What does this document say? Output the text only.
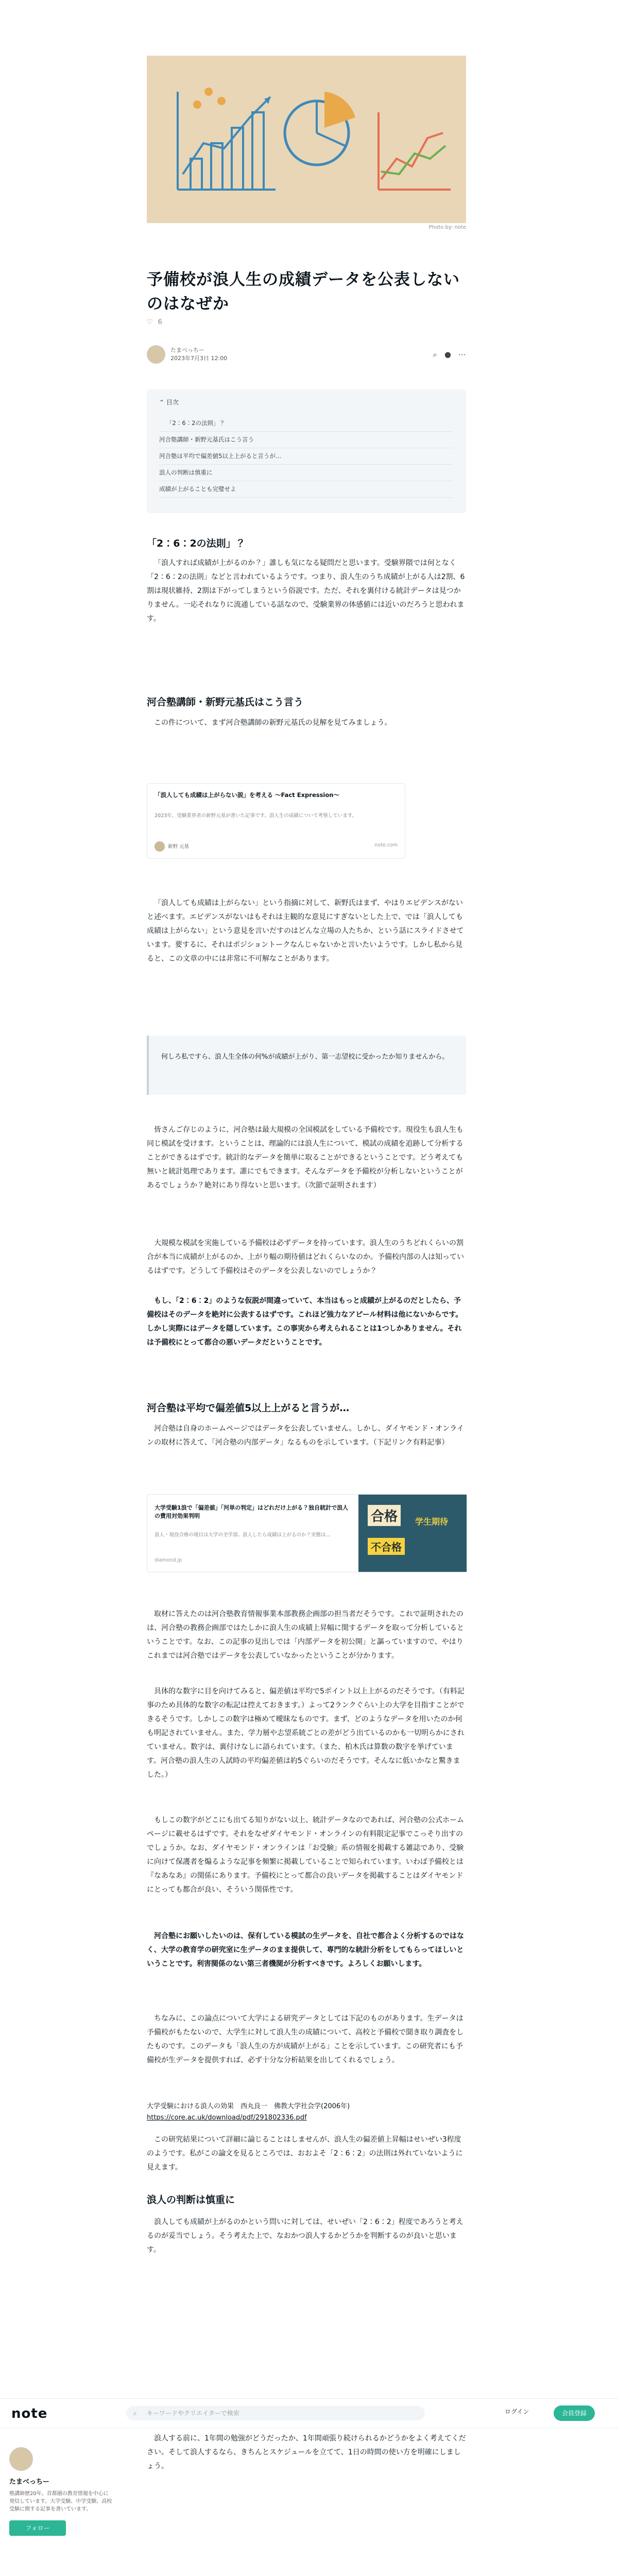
Photo by: note
予備校が浪人生の成績データを公表しないのはなぜか
♡ 6
たまべっちー
2023年7月3日 12:00	⌕ ● ⋯
⌃ 目次
「2：6：2の法則」？
河合塾講師・新野元基氏はこう言う
河合塾は平均で偏差値5以上上がると言うが…
浪人の判断は慎重に
成績が上がることも完璧せよ
「2：6：2の法則」？
「浪人すれば成績が上がるのか？」誰しも気になる疑問だと思います。受験界隈では何となく「2：6：2の法則」などと言われているようです。つまり、浪人生のうち成績が上がる人は2割、6割は現状維持、2割は下がってしまうという俗説です。ただ、それを裏付ける統計データは見つかりません。一応それなりに流通している話なので、受験業界の体感値には近いのだろうと思われます。
河合塾講師・新野元基氏はこう言う
この件について、まず河合塾講師の新野元基氏の見解を見てみましょう。
「浪人しても成績は上がらない説」を考える 〜Fact Expression〜
2023年、受験業界者の新野元基が書いた記事です。浪人生の成績について考察しています。
新野 元基	note.com
「浪人しても成績は上がらない」という指摘に対して、新野氏はまず、やはりエビデンスがないと述べます。エビデンスがないはもそれは主観的な意見にすぎないとした上で、では「浪人しても成績は上がらない」という意見を言いだすのはどんな立場の人たちか、という話にスライドさせています。要するに、それはポジショントークなんじゃないかと言いたいようです。しかし私から見ると、この文章の中には非常に不可解なことがあります。
何しろ私ですら、浪人生全体の何%が成績が上がり、第一志望校に受かったか知りませんから。
皆さんご存じのように、河合塾は最大規模の全国模試をしている予備校です。現役生も浪人生も同じ模試を受けます。ということは、理論的には浪人生について、模試の成績を追跡して分析することができるはずです。統計的なデータを簡単に取ることができるということです。どう考えても無いと統計処理であります。誰にでもできます。そんなデータを予備校が分析しないということがあるでしょうか？絶対にあり得ないと思います。（次節で証明されます）
大規模な模試を実施している予備校は必ずデータを持っています。浪人生のうちどれくらいの割合が本当に成績が上がるのか、上がり幅の期待値はどれくらいなのか。予備校内部の人は知っているはずです。どうして予備校はそのデータを公表しないのでしょうか？
もし、「2：6：2」のような仮説が間違っていて、本当はもっと成績が上がるのだとしたら、予備校はそのデータを絶対に公表するはずです。これほど強力なアピール材料は他にないからです。しかし実際にはデータを隠しています。この事実から考えられることは1つしかありません。それは予備校にとって都合の悪いデータだということです。
河合塾は平均で偏差値5以上上がると言うが…
河合塾は自身のホームページではデータを公表していません。しかし、ダイヤモンド・オンラインの取材に答えて、「河合塾の内部データ」なるものを示しています。（下記リンク有料記事）
大学受験1浪で「偏差値」「河単の判定」はどれだけ上がる？独自統計で浪人の費用対効果判明
浪人・現役合格の境目は大学の全学部。浪人したら成績は上がるのか？実態は…
diamond.jp
合格	学生期待
不合格
取材に答えたのは河合塾教育情報事業本部教務企画部の担当者だそうです。これで証明されたのは、河合塾の教務企画部ではたしかに浪人生の成績上昇幅に関するデータを取って分析しているということです。なお、この記事の見出しでは「内部データを初公開」と謳っていますので、やはりこれまでは河合塾ではデータを公表していなかったということが分かります。
具体的な数字に目を向けてみると、偏差値は平均で5ポイント以上上がるのだそうです。（有料記事のため具体的な数字の転記は控えておきます。）よって2ランクぐらい上の大学を目指すことができるそうです。しかしこの数字は極めて曖昧なものです。まず、どのようなデータを用いたのか何も明記されていません。また、学力層や志望系統ごとの差がどう出ているのかも一切明らかにされていません。数字は、裏付けなしに語られています。（また、柏木氏は算数の数字を挙げています。河合塾の浪人生の入試時の平均偏差値は約5ぐらいのだそうです。そんなに低いかなと驚きました。）
もしこの数字がどこにも出てる知りがない以上、統計データなのであれば、河合塾の公式ホームページに載せるはずです。それをなぜダイヤモンド・オンラインの有料限定記事でこっそり出すのでしょうか。なお、ダイヤモンド・オンラインは「お受験」系の情報を掲載する雑誌であり、受験に向けて保護者を煽るような記事を頻繁に掲載していることで知られています。いわば予備校とは『なあなあ』の関係にあります。予備校にとって都合の良いデータを掲載することはダイヤモンドにとっても都合が良い、そういう関係性です。
河合塾にお願いしたいのは、保有している模試の生データを、自社で都合よく分析するのではなく、大学の教育学の研究室に生データのまま提供して、専門的な統計分析をしてもらってほしいということです。利害関係のない第三者機関が分析すべきです。よろしくお願いします。
ちなみに、この論点について大学による研究データとしては下記のものがあります。生データは予備校がもたないので、大学生に対して浪人生の成績について、高校と予備校で聞き取り調査をしたものです。このデータも「浪人生の方が成績が上がる」ことを示しています。この研究者にも予備校が生データを提供すれば、必ず十分な分析結果を出してくれるでしょう。
大学受験における浪人の効果　西丸良一　佛教大学社会学(2006年)
https://core.ac.uk/download/pdf/291802336.pdf
この研究結果について詳細に論じることはしませんが、浪人生の偏差値上昇幅はせいぜい3程度のようです。私がこの論文を見るところでは、おおよそ「2：6：2」の法則は外れていないように見えます。
浪人の判断は慎重に
浪人しても成績が上がるのかという問いに対しては、せいぜい「2：6：2」程度であろうと考えるのが妥当でしょう。そう考えた上で、なおかつ浪人するかどうかを判断するのが良いと思います。
浪人する前に、1年間の勉強がどうだったか、1年間頑張り続けられるかどうかをよく考えてください。そして浪人するなら、きちんとスケジュールを立てて、1日の時間の使い方を明確にしましょう。
note	⌕ キーワードやクリエイターで検索	ログイン	会員登録
たまべっちー
塾講師歴20年。首都圏の教育情報を中心に発信しています。大学受験、中学受験、高校受験に関する記事を書いています。
フォロー
